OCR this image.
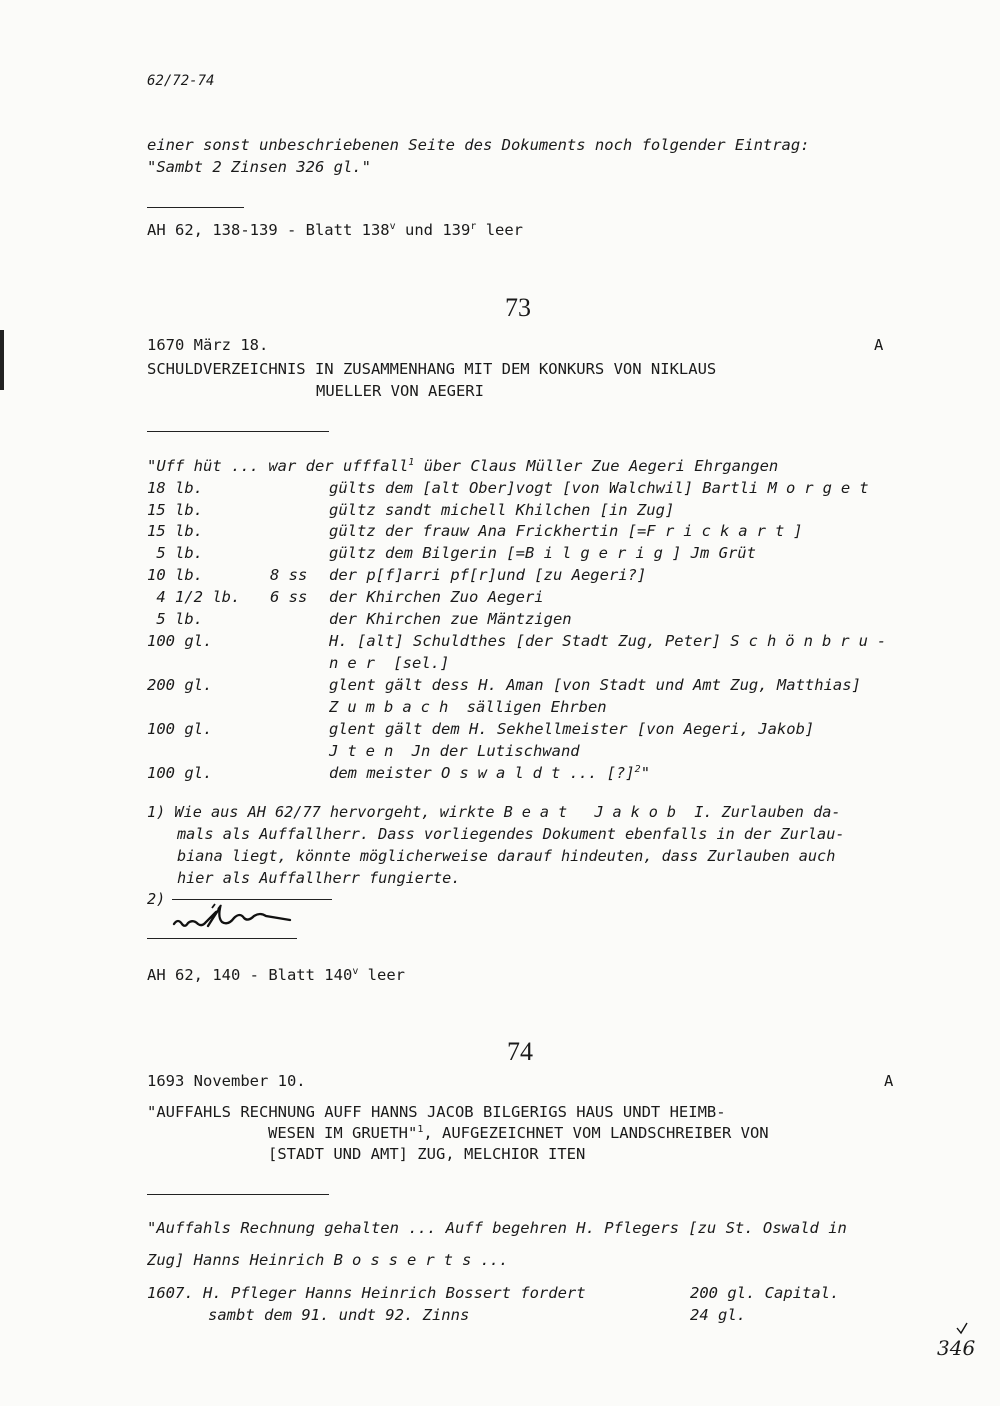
62/72-74
einer sonst unbeschriebenen Seite des Dokuments noch folgender Eintrag:
"Sambt 2 Zinsen 326 gl."
AH 62, 138-139 - Blatt 138$^v$ und 139$^r$ leer
73
1670 März 18.	A
SCHULDVERZEICHNIS IN ZUSAMMENHANG MIT DEM KONKURS VON NIKLAUS
MUELLER VON AEGERI
"Uff hüt ... war der ufffall$^1$ über Claus Müller Zue Aegeri Ehrgangen
18 lb.	gülts dem [alt Ober]vogt [von Walchwil] Bartli Morget
15 lb.	gültz sandt michell Khilchen [in Zug]
15 lb.	gültz der frauw Ana Frickhertin [=F rickart]
5 lb.	gültz dem Bilgerin [=B ilgerig] Jm Grüt
10 lb.	8 ss der p[f]arri pf[r]und [zu Aegeri?]
4 1/2 lb. 6 ss der Khirchen Zuo Aegeri
5 lb.	der Khirchen zue Mäntzigen
100 gl.	H. [alt] Schuldthes [der Stadt Zug, Peter] Schönbru-
ner [sel.]
200 gl.	glent gält dess H. Aman [von Stadt und Amt Zug, Matthias]
Zumbach sälligen Ehrben
100 gl.	glent gält dem H. Sekhellmeister [von Aegeri, Jakob]
Jten Jn der Lutischwand
100 gl.	dem meister Oswaldt... [?]$^2$"
1) Wie aus AH 62/77 hervorgeht, wirkte Beat Jakob I. Zurlauben da-
mals als Auffallherr. Dass vorliegendes Dokument ebenfalls in der Zurlau-
biana liegt, könnte möglicherweise darauf hindeuten, dass Zurlauben auch
hier als Auffallherr fungierte.
2)
AH 62, 140 - Blatt 140$^v$ leer
74
1693 November 10.	A
"AUFFAHLS RECHNUNG AUFF HANNS JACOB BILGERIGS HAUS UNDT HEIMB-
WESEN IM GRUETH"$^1$, AUFGEZEICHNET VOM LANDSCHREIBER VON
[STADT UND AMT] ZUG, MELCHIOR ITEN
"Auffahls Rechnung gehalten ... Auff begehren H. Pflegers [zu St. Oswald in
Zug] Hanns Heinrich Bosserts...
1607. H. Pfleger Hanns Heinrich Bossert fordert	200 gl. Capital.
sambt dem 91. undt 92. Zinns	24 gl.
346
